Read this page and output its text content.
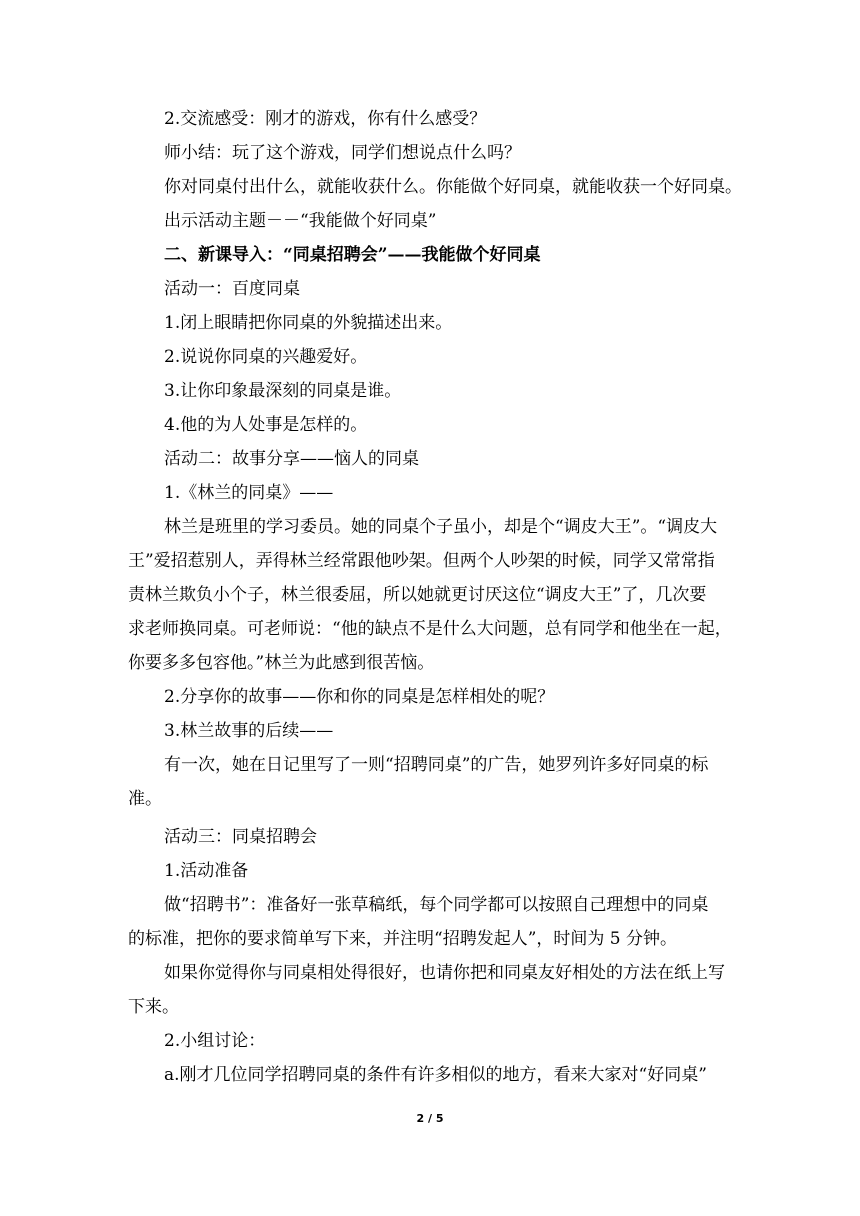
2.交流感受：刚才的游戏，你有什么感受？

师小结：玩了这个游戏，同学们想说点什么吗？

你对同桌付出什么，就能收获什么。你能做个好同桌，就能收获一个好同桌。

出示活动主题－－“我能做个好同桌”

二、新课导入：“同桌招聘会”——我能做个好同桌

活动一：百度同桌

1.闭上眼睛把你同桌的外貌描述出来。

2.说说你同桌的兴趣爱好。

3.让你印象最深刻的同桌是谁。

4.他的为人处事是怎样的。

活动二：故事分享——恼人的同桌

1.《林兰的同桌》——

林兰是班里的学习委员。她的同桌个子虽小，却是个“调皮大王”。“调皮大
王”爱招惹别人，弄得林兰经常跟他吵架。但两个人吵架的时候，同学又常常指
责林兰欺负小个子，林兰很委屈，所以她就更讨厌这位“调皮大王”了，几次要
求老师换同桌。可老师说：“他的缺点不是什么大问题，总有同学和他坐在一起，
你要多多包容他。”林兰为此感到很苦恼。

2.分享你的故事——你和你的同桌是怎样相处的呢？

3.林兰故事的后续——

有一次，她在日记里写了一则“招聘同桌”的广告，她罗列许多好同桌的标
准。

活动三：同桌招聘会

1.活动准备

做“招聘书”：准备好一张草稿纸，每个同学都可以按照自己理想中的同桌
的标准，把你的要求简单写下来，并注明“招聘发起人”，时间为 5 分钟。
如果你觉得你与同桌相处得很好，也请你把和同桌友好相处的方法在纸上写
下来。

2.小组讨论：

a.刚才几位同学招聘同桌的条件有许多相似的地方，看来大家对“好同桌”

2 / 5
